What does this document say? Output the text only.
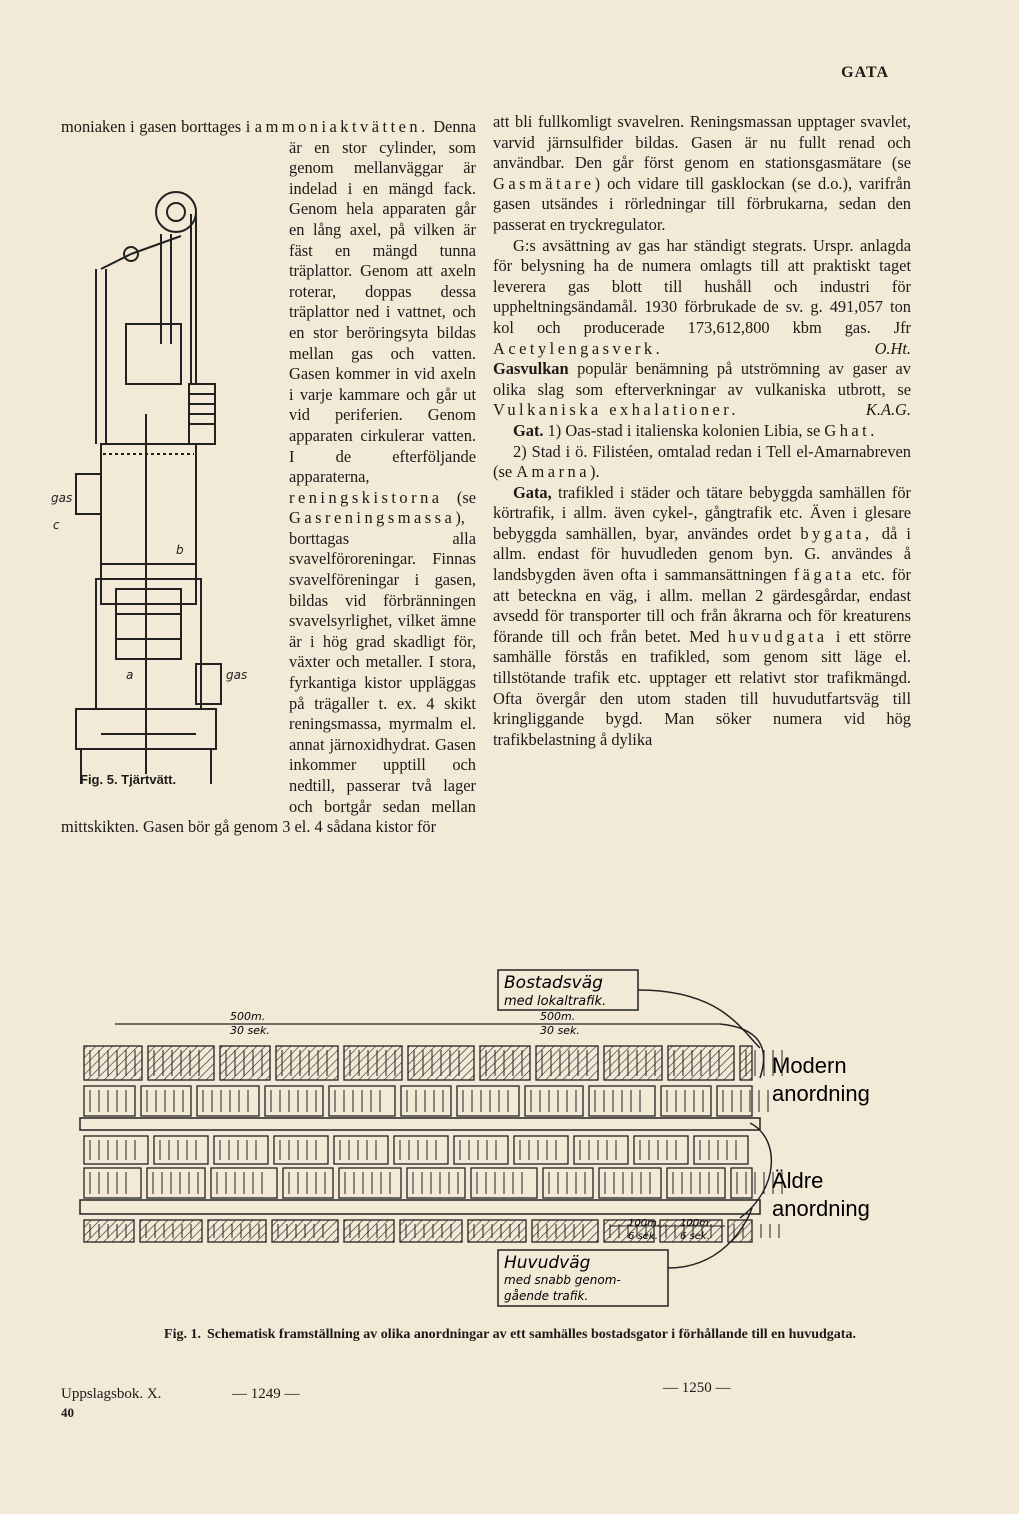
GATA

moniaken i gasen borttages i ammoniaktvätten.
gas
c
b
a	gas
Denna är en stor cylinder, som genom mellanväggar är indelad i en mängd fack. Genom hela apparaten går en lång axel, på vilken är fäst en mängd tunna träplattor. Genom att axeln roterar, doppas dessa träplattor ned i vattnet, och en stor beröringsyta bildas mellan gas och vatten. Gasen kommer in vid axeln i varje kammare och går ut vid periferien. Genom apparaten cirkulerar vatten. I de efterföljande apparaterna, reningskistorna (se Gasreningsmassa), borttagas alla svavelföroreningar. Finnas svavelföreningar i gasen, bildas vid förbränningen svavelsyrlighet, vilket ämne är i hög grad skadligt för, växter och metaller. I stora, fyrkantiga kistor uppläggas på trägaller t. ex. 4 skikt reningsmassa, myrmalm el. annat järnoxidhydrat. Gasen inkommer upptill och nedtill, passerar två lager och bortgår sedan mellan mittskikten. Gasen bör gå genom 3 el. 4 sådana kistor för

Fig. 5. Tjärtvätt.

att bli fullkomligt svavelren. Reningsmassan upptager svavlet, varvid järnsulfider bildas. Gasen är nu fullt renad och användbar. Den går först genom en stationsgasmätare (se Gasmätare) och vidare till gasklockan (se d.o.), varifrån gasen utsändes i rörledningar till förbrukarna, sedan den passerat en tryckregulator.

G:s avsättning av gas har ständigt stegrats. Urspr. anlagda för belysning ha de numera omlagts till att praktiskt taget leverera gas blott till hushåll och industri för uppheltningsändamål. 1930 förbrukade de sv. g. 491,057 ton kol och producerade 173,612,800 kbm gas. Jfr Acetylengasverk.	O.Ht.

Gasvulkan populär benämning på utströmning av gaser av olika slag som efterverkningar av vulkaniska utbrott, se Vulkaniska exhalationer.	K.A.G.

Gat. 1) Oas-stad i italienska kolonien Libia, se Ghat.

2) Stad i ö. Filistéen, omtalad redan i Tell el-Amarnabreven (se Amarna).

Gata, trafikled i städer och tätare bebyggda samhällen för körtrafik, i allm. även cykel-, gångtrafik etc. Även i glesare bebyggda samhällen, byar, användes ordet bygata, då i allm. endast för huvudleden genom byn. G. användes å landsbygden även ofta i sammansättningen fägata etc. för att beteckna en väg, i allm. mellan 2 gärdesgårdar, endast avsedd för transporter till och från åkrarna och för kreaturens förande till och från betet. Med huvudgata i ett större samhälle förstås en trafikled, som genom sitt läge el. tillstötande trafik etc. upptager ett relativt stor trafikmängd. Ofta övergår den utom staden till huvudutfartsväg till kringliggande bygd. Man söker numera vid hög trafikbelastning å dylika

Bostadsväg
med lokaltrafik.
500m.
30 sek.
500m.
30 sek.
Modern
anordning
Äldre
anordning
100m.
6 sek.
100m
6 sek.
Huvudväg
med snabb genom-
gående trafik.
Fig. 1. Schematisk framställning av olika anordningar av ett samhälles bostadsgator i förhållande till en huvudgata.
Uppslagsbok. X.
40
— 1249 —	— 1250 —
